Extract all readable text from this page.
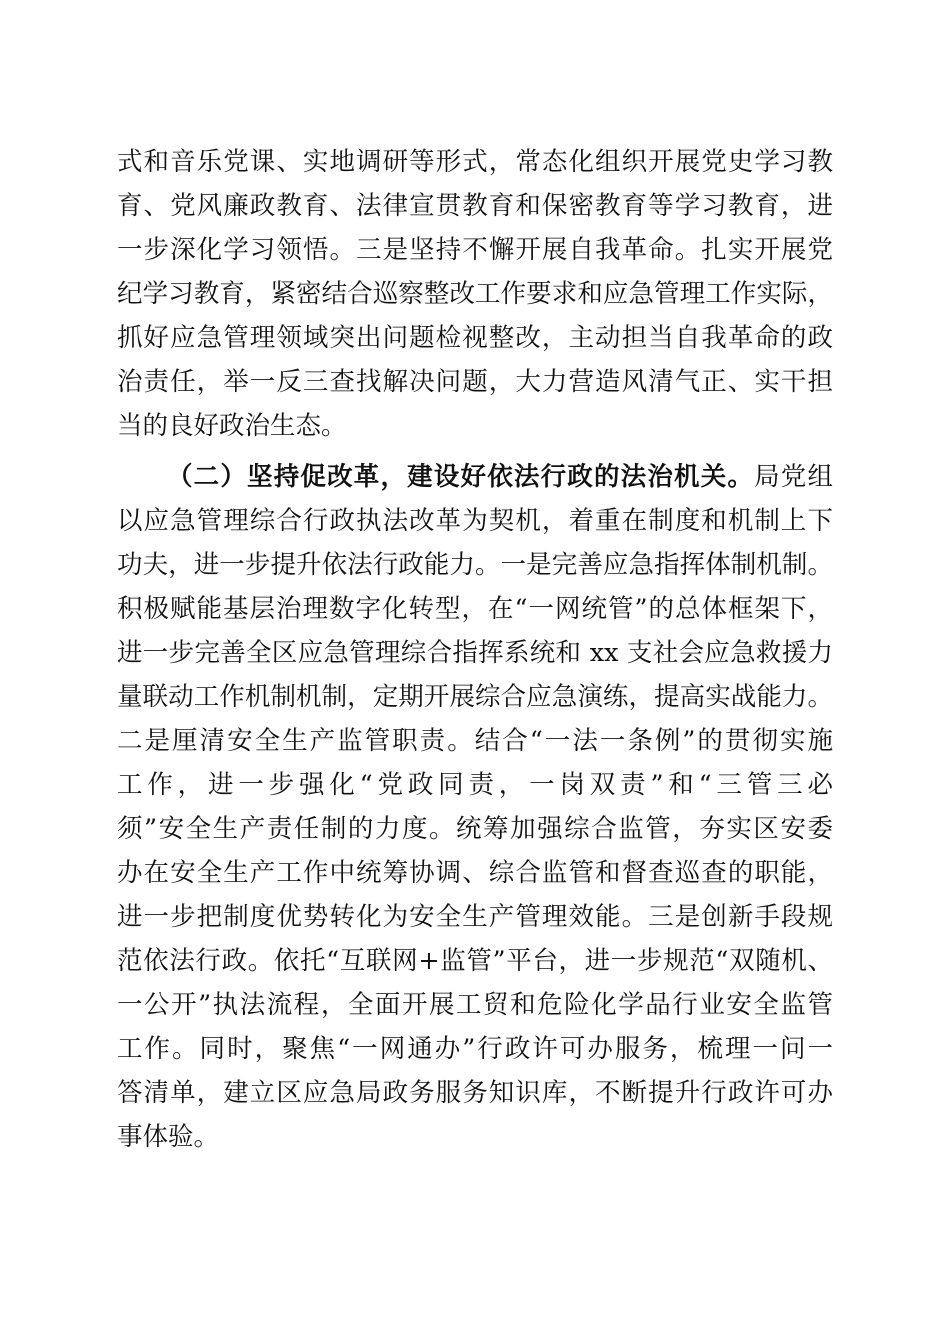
式和音乐党课、实地调研等形式，常态化组织开展党史学习教
育、党风廉政教育、法律宣贯教育和保密教育等学习教育，进
一步深化学习领悟。三是坚持不懈开展自我革命。扎实开展党
纪学习教育，紧密结合巡察整改工作要求和应急管理工作实际，
抓好应急管理领域突出问题检视整改，主动担当自我革命的政
治责任，举一反三查找解决问题，大力营造风清气正、实干担
当的良好政治生态。
（二）坚持促改革，建设好依法行政的法治机关。局党组
以应急管理综合行政执法改革为契机，着重在制度和机制上下
功夫，进一步提升依法行政能力。一是完善应急指挥体制机制。
积极赋能基层治理数字化转型，在“一网统管”的总体框架下，
进一步完善全区应急管理综合指挥系统和 xx 支社会应急救援力
量联动工作机制机制，定期开展综合应急演练，提高实战能力。
二是厘清安全生产监管职责。结合“一法一条例”的贯彻实施
工作，进一步强化“党政同责，一岗双责”和“三管三必
须”安全生产责任制的力度。统筹加强综合监管，夯实区安委
办在安全生产工作中统筹协调、综合监管和督查巡查的职能，
进一步把制度优势转化为安全生产管理效能。三是创新手段规
范依法行政。依托“互联网+监管”平台，进一步规范“双随机、
一公开”执法流程，全面开展工贸和危险化学品行业安全监管
工作。同时，聚焦“一网通办”行政许可办服务，梳理一问一
答清单，建立区应急局政务服务知识库，不断提升行政许可办
事体验。
